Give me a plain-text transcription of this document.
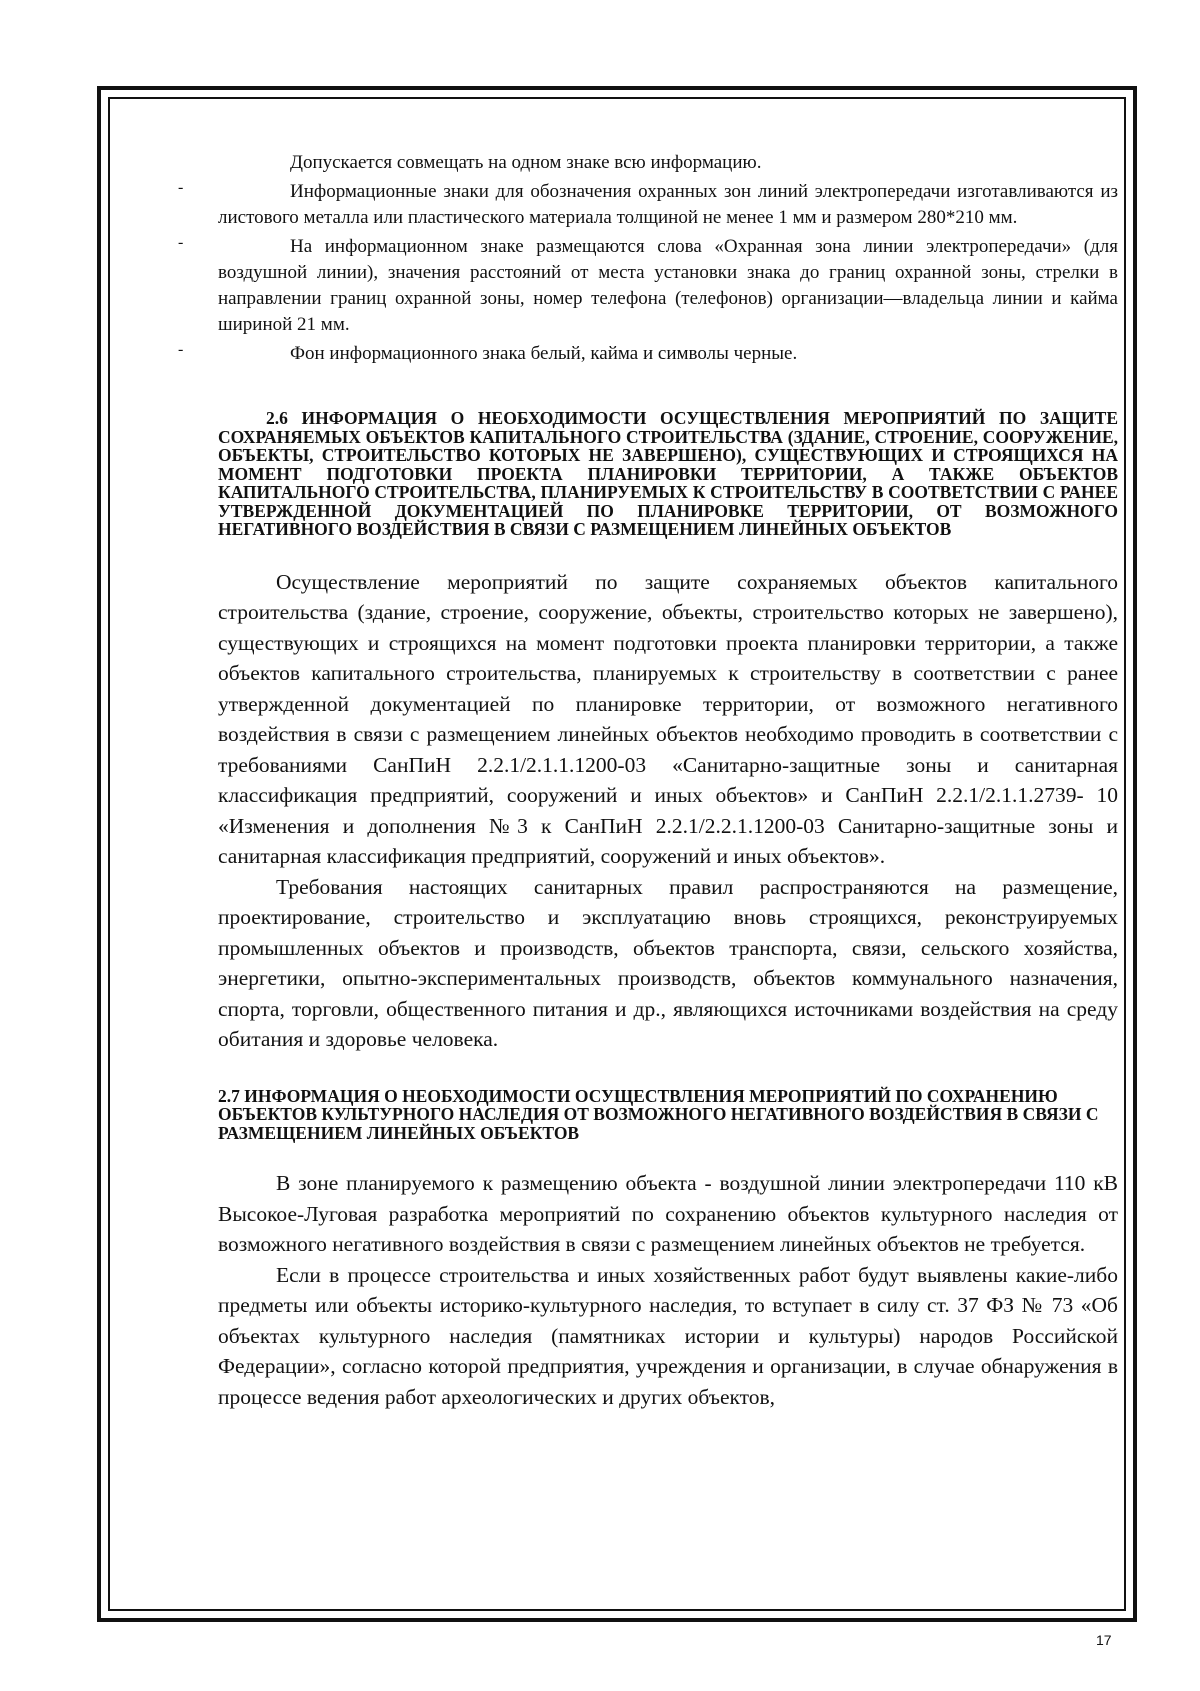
Допускается совмещать на одном знаке всю информацию.

-	Информационные знаки для обозначения охранных зон линий электропередачи изготавливаются из листового металла или пластического материала толщиной не менее 1 мм и размером 280*210 мм.

-	На информационном знаке размещаются слова «Охранная зона линии электропередачи» (для воздушной линии), значения расстояний от места установки знака до границ охранной зоны, стрелки в направлении границ охранной зоны, номер телефона (телефонов) организации—владельца линии и кайма шириной 21 мм.

-	Фон информационного знака белый, кайма и символы черные.

2.6 ИНФОРМАЦИЯ О НЕОБХОДИМОСТИ ОСУЩЕСТВЛЕНИЯ МЕРОПРИЯТИЙ ПО ЗАЩИТЕ СОХРАНЯЕМЫХ ОБЪЕКТОВ КАПИТАЛЬНОГО СТРОИТЕЛЬСТВА (ЗДАНИЕ, СТРОЕНИЕ, СООРУЖЕНИЕ, ОБЪЕКТЫ, СТРОИТЕЛЬСТВО КОТОРЫХ НЕ ЗАВЕРШЕНО), СУЩЕСТВУЮЩИХ И СТРОЯЩИХСЯ НА МОМЕНТ ПОДГОТОВКИ ПРОЕКТА ПЛАНИРОВКИ ТЕРРИТОРИИ, А ТАКЖЕ ОБЪЕКТОВ КАПИТАЛЬНОГО СТРОИТЕЛЬСТВА, ПЛАНИРУЕМЫХ К СТРОИТЕЛЬСТВУ В СООТВЕТСТВИИ С РАНЕЕ УТВЕРЖДЕННОЙ ДОКУМЕНТАЦИЕЙ ПО ПЛАНИРОВКЕ ТЕРРИТОРИИ, ОТ ВОЗМОЖНОГО НЕГАТИВНОГО ВОЗДЕЙСТВИЯ В СВЯЗИ С РАЗМЕЩЕНИЕМ ЛИНЕЙНЫХ ОБЪЕКТОВ

Осуществление мероприятий по защите сохраняемых объектов капитального строительства (здание, строение, сооружение, объекты, строительство которых не завершено), существующих и строящихся на момент подготовки проекта планировки территории, а также объектов капитального строительства, планируемых к строительству в соответствии с ранее утвержденной документацией по планировке территории, от возможного негативного воздействия в связи с размещением линейных объектов необходимо проводить в соответствии с требованиями СанПиН 2.2.1/2.1.1.1200-03 «Санитарно-защитные зоны и санитарная классификация предприятий, сооружений и иных объектов» и СанПиН 2.2.1/2.1.1.2739- 10 «Изменения и дополнения №3 к СанПиН 2.2.1/2.2.1.1200-03 Санитарно-защитные зоны и санитарная классификация предприятий, сооружений и иных объектов».

Требования настоящих санитарных правил распространяются на размещение, проектирование, строительство и эксплуатацию вновь строящихся, реконструируемых промышленных объектов и производств, объектов транспорта, связи, сельского хозяйства, энергетики, опытно-экспериментальных производств, объектов коммунального назначения, спорта, торговли, общественного питания и др., являющихся источниками воздействия на среду обитания и здоровье человека.

2.7 ИНФОРМАЦИЯ О НЕОБХОДИМОСТИ ОСУЩЕСТВЛЕНИЯ МЕРОПРИЯТИЙ ПО СОХРАНЕНИЮ ОБЪЕКТОВ КУЛЬТУРНОГО НАСЛЕДИЯ ОТ ВОЗМОЖНОГО НЕГАТИВНОГО ВОЗДЕЙСТВИЯ В СВЯЗИ С РАЗМЕЩЕНИЕМ ЛИНЕЙНЫХ ОБЪЕКТОВ

В зоне планируемого к размещению объекта - воздушной линии электропередачи 110 кВ Высокое-Луговая разработка мероприятий по сохранению объектов культурного наследия от возможного негативного воздействия в связи с размещением линейных объектов не требуется.

Если в процессе строительства и иных хозяйственных работ будут выявлены какие-либо предметы или объекты историко-культурного наследия, то вступает в силу ст. 37 ФЗ № 73 «Об объектах культурного наследия (памятниках истории и культуры) народов Российской Федерации», согласно которой предприятия, учреждения и организации, в случае обнаружения в процессе ведения работ археологических и других объектов,

17
